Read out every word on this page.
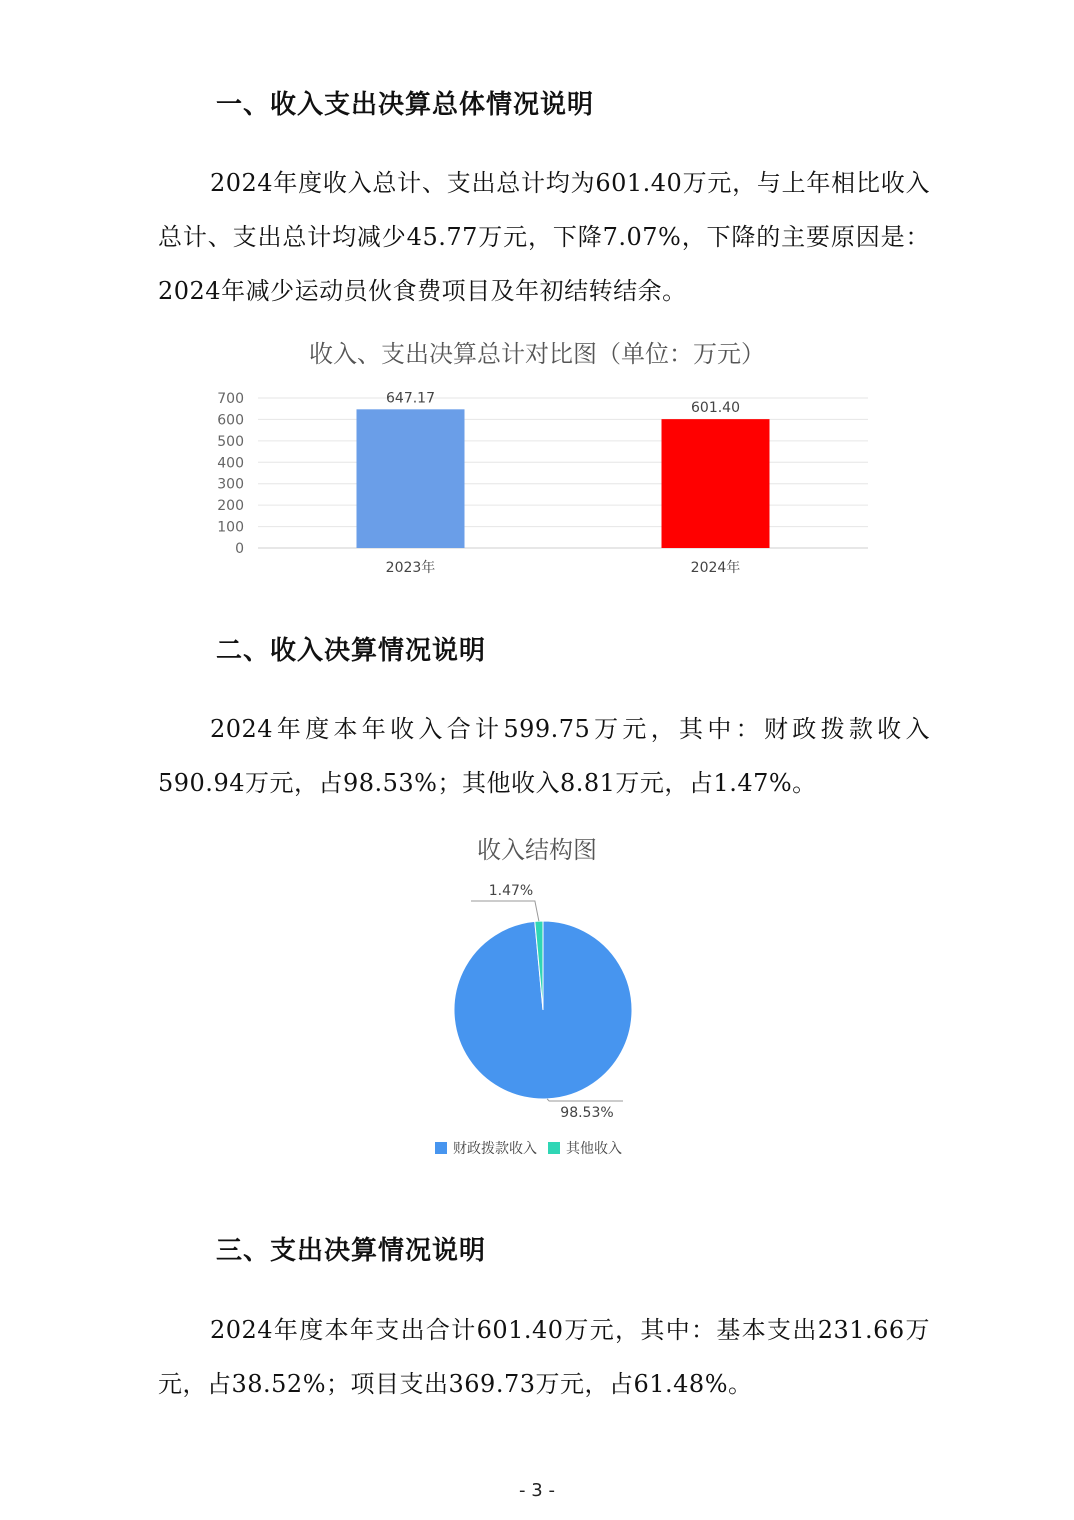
一、收入支出决算总体情况说明
2024年度收入总计、支出总计均为601.40万元，与上年相比收入总计、支出总计均减少45.77万元，下降7.07%，下降的主要原因是：2024年减少运动员伙食费项目及年初结转结余。
收入、支出决算总计对比图（单位：万元）
0
100
200
300
400
500
600
700	647.17
2023年
601.40
2024年
二、收入决算情况说明
2024年度本年收入合计599.75万元，其中：财政拨款收入590.94万元，占98.53%；其他收入8.81万元，占1.47%。
收入结构图
98.53%
1.47%
财政拨款收入 其他收入
三、支出决算情况说明
2024年度本年支出合计601.40万元，其中：基本支出231.66万元，占38.52%；项目支出369.73万元，占61.48%。
- 3 -
